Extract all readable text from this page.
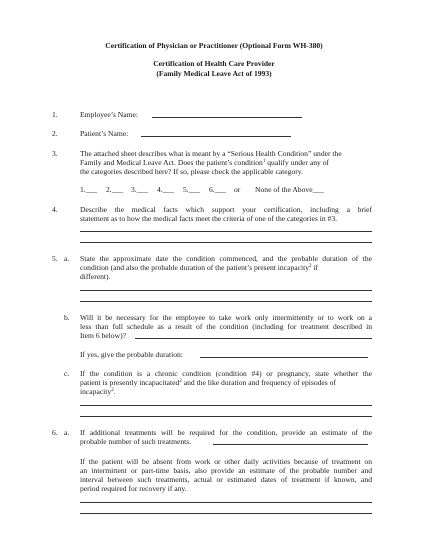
Certification of Physician or Practitioner (Optional Form WH-380)
Certification of Health Care Provider
(Family Medical Leave Act of 1993)
1.	Employee’s Name:
2.	Patient’s Name:
3.	The attached sheet describes what is meant by a “Serious Health Condition” under the
Family and Medical Leave Act. Does the patient’s condition$^1$ qualify under any of
the categories described here? If so, please check the applicable category.
1.___ 2.___ 3.___ 4.___ 5.___ 6.___ or None of the Above___
4.	Describe the medical facts which support your certification, including a brief
statement as to how the medical facts meet the criteria of one of the categories in #3.
5. a. State the approximate date the condition commenced, and the probable duration of the
condition (and also the probable duration of the patient’s present incapacity$^2$ if
different).
b. Will it be necessary for the employee to take work only intermittently or to work on a
less than full schedule as a result of the condition (including for treatment described in
Item 6 below)?
If yes, give the probable duration:
c. If the condition is a chronic condition (condition #4) or pregnancy, state whether the
patient is presently incapacitated$^2$ and the like duration and frequency of episodes of
incapacity$^2$.
6. a. If additional treatments will be required for the condition, provide an estimate of the
probable number of such treatments.
If the patient will be absent from work or other daily activities because of treatment on
an intermittent or part-time basis, also provide an estimate of the probable number and
interval between such treatments, actual or estimated dates of treatment if known, and
period required for recovery if any.
